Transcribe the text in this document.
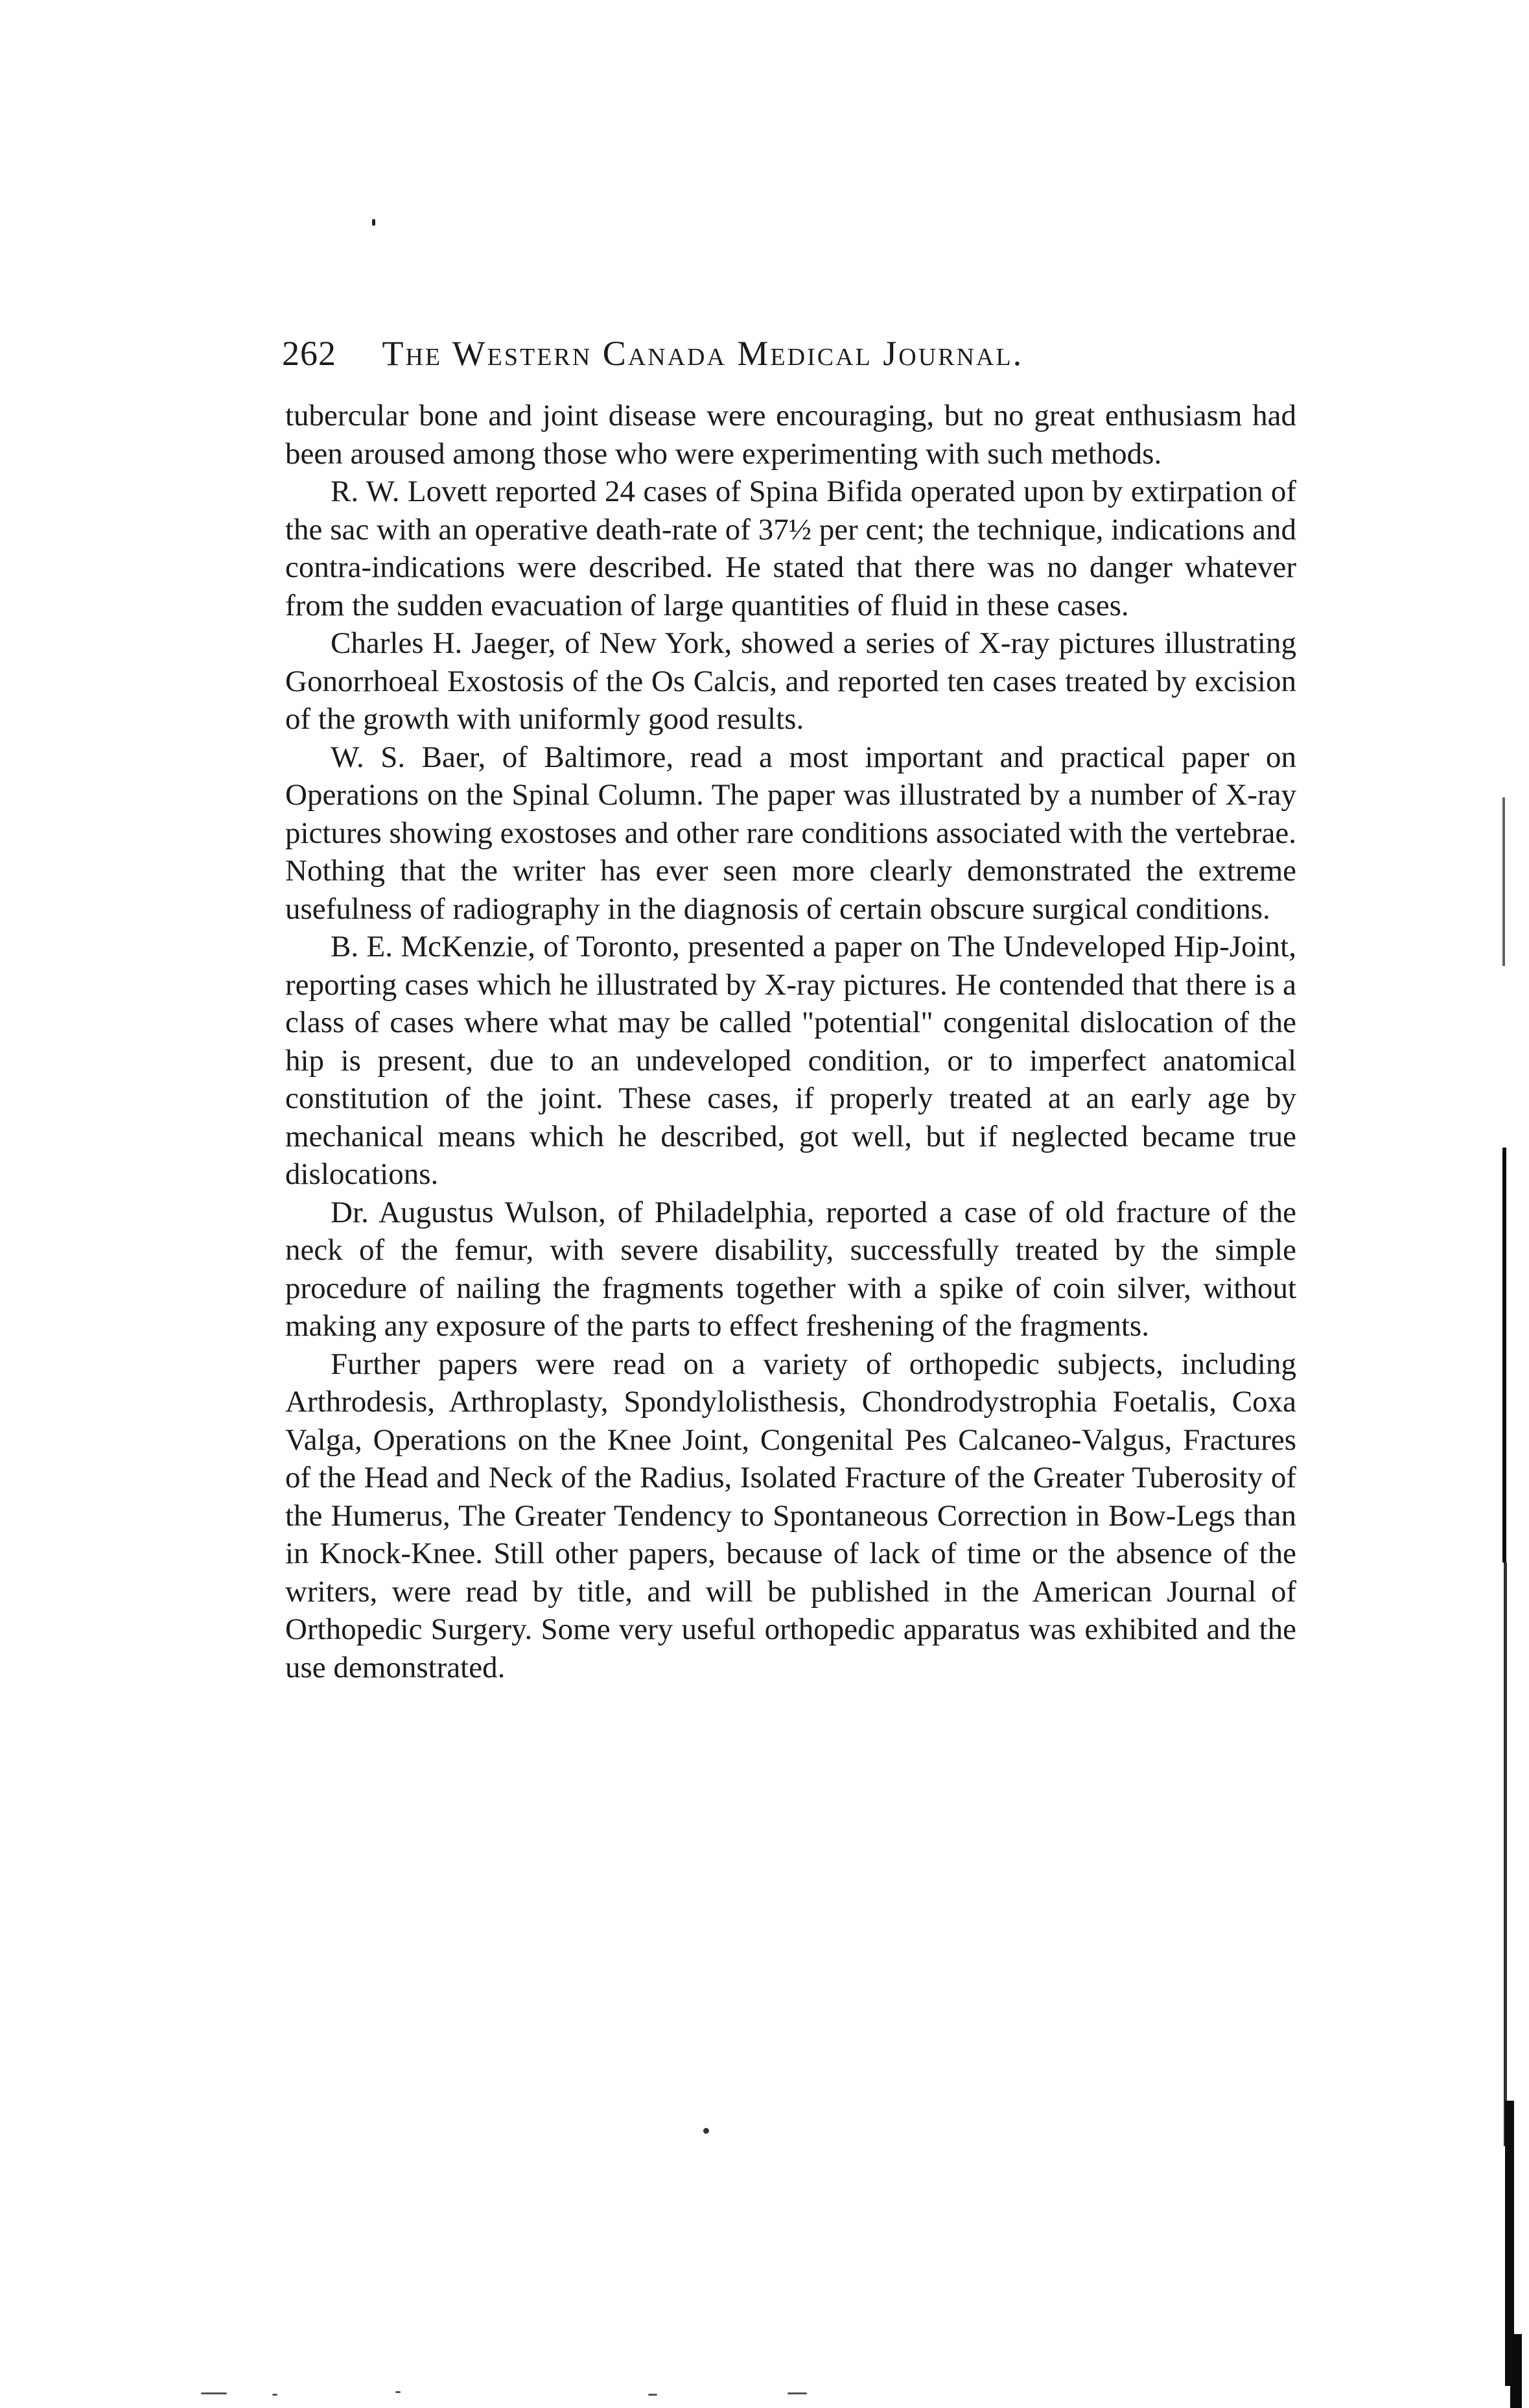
262 The Western Canada Medical Journal.

tubercular bone and joint disease were encouraging, but no great enthusiasm had been aroused among those who were experimenting with such methods.

R. W. Lovett reported 24 cases of Spina Bifida operated upon by extirpation of the sac with an operative death-rate of 37½ per cent; the technique, indications and contra-indications were described. He stated that there was no danger whatever from the sudden evacuation of large quantities of fluid in these cases.

Charles H. Jaeger, of New York, showed a series of X-ray pictures illustrating Gonorrhoeal Exostosis of the Os Calcis, and reported ten cases treated by excision of the growth with uniformly good results.

W. S. Baer, of Baltimore, read a most important and practical paper on Operations on the Spinal Column. The paper was illustrated by a number of X-ray pictures showing exostoses and other rare conditions associated with the vertebrae. Nothing that the writer has ever seen more clearly demonstrated the extreme usefulness of radiography in the diagnosis of certain obscure surgical conditions.

B. E. McKenzie, of Toronto, presented a paper on The Undeveloped Hip-Joint, reporting cases which he illustrated by X-ray pictures. He contended that there is a class of cases where what may be called "potential" congenital dislocation of the hip is present, due to an undeveloped condition, or to imperfect anatomical constitution of the joint. These cases, if properly treated at an early age by mechanical means which he described, got well, but if neglected became true dislocations.

Dr. Augustus Wulson, of Philadelphia, reported a case of old fracture of the neck of the femur, with severe disability, successfully treated by the simple procedure of nailing the fragments together with a spike of coin silver, without making any exposure of the parts to effect freshening of the fragments.

Further papers were read on a variety of orthopedic subjects, including Arthrodesis, Arthroplasty, Spondylolisthesis, Chondrodystrophia Foetalis, Coxa Valga, Operations on the Knee Joint, Congenital Pes Calcaneo-Valgus, Fractures of the Head and Neck of the Radius, Isolated Fracture of the Greater Tuberosity of the Humerus, The Greater Tendency to Spontaneous Correction in Bow-Legs than in Knock-Knee. Still other papers, because of lack of time or the absence of the writers, were read by title, and will be published in the American Journal of Orthopedic Surgery. Some very useful orthopedic apparatus was exhibited and the use demonstrated.
